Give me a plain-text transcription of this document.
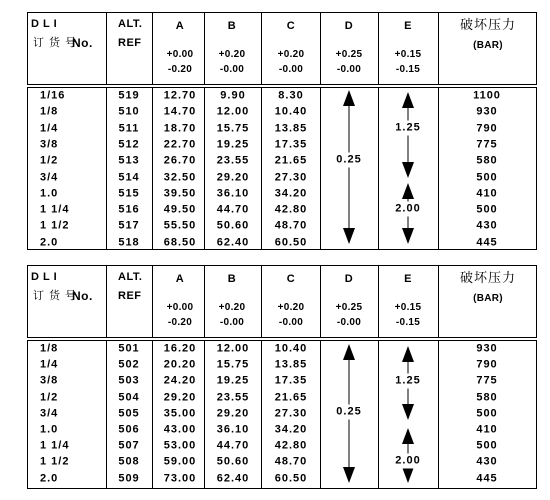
D L I
订 货 号
No.
ALT.
REF
A
+0.00
-0.20
B
+0.20
-0.00
C
+0.20
-0.00
D
+0.25
-0.00
E
+0.15
-0.15
破坏压力
(BAR)
1/16	519 12.70 9.90	8.30	1100
1/8	510 14.70 12.00 10.40	930
1/4	511 18.70 15.75 13.85	790
3/8	512 22.70 19.25 17.35	775
1/2	513 26.70 23.55 21.65	580
3/4	514 32.50 29.20 27.30	500
1.0	515 39.50 36.10 34.20	410
1 1/4	516 49.50 44.70 42.80	500
1 1/2	517 55.50 50.60 48.70	430
2.0	518 68.50 62.40 60.50	445
0.25
1.25
2.00
D L I
订 货 号
No.
ALT.
REF
A
+0.00
-0.20
B
+0.20
-0.00
C
+0.20
-0.00
D
+0.25
-0.00
E
+0.15
-0.15
破坏压力
(BAR)
1/8	501 16.20 12.00 10.40	930
1/4	502 20.20 15.75 13.85	790
3/8	503 24.20 19.25 17.35	775
1/2	504 29.20 23.55 21.65	580
3/4	505 35.00 29.20 27.30	500
1.0	506 43.00 36.10 34.20	410
1 1/4	507 53.00 44.70 42.80	500
1 1/2	508 59.00 50.60 48.70	430
2.0	509 73.00 62.40 60.50	445
0.25
1.25
2.00
